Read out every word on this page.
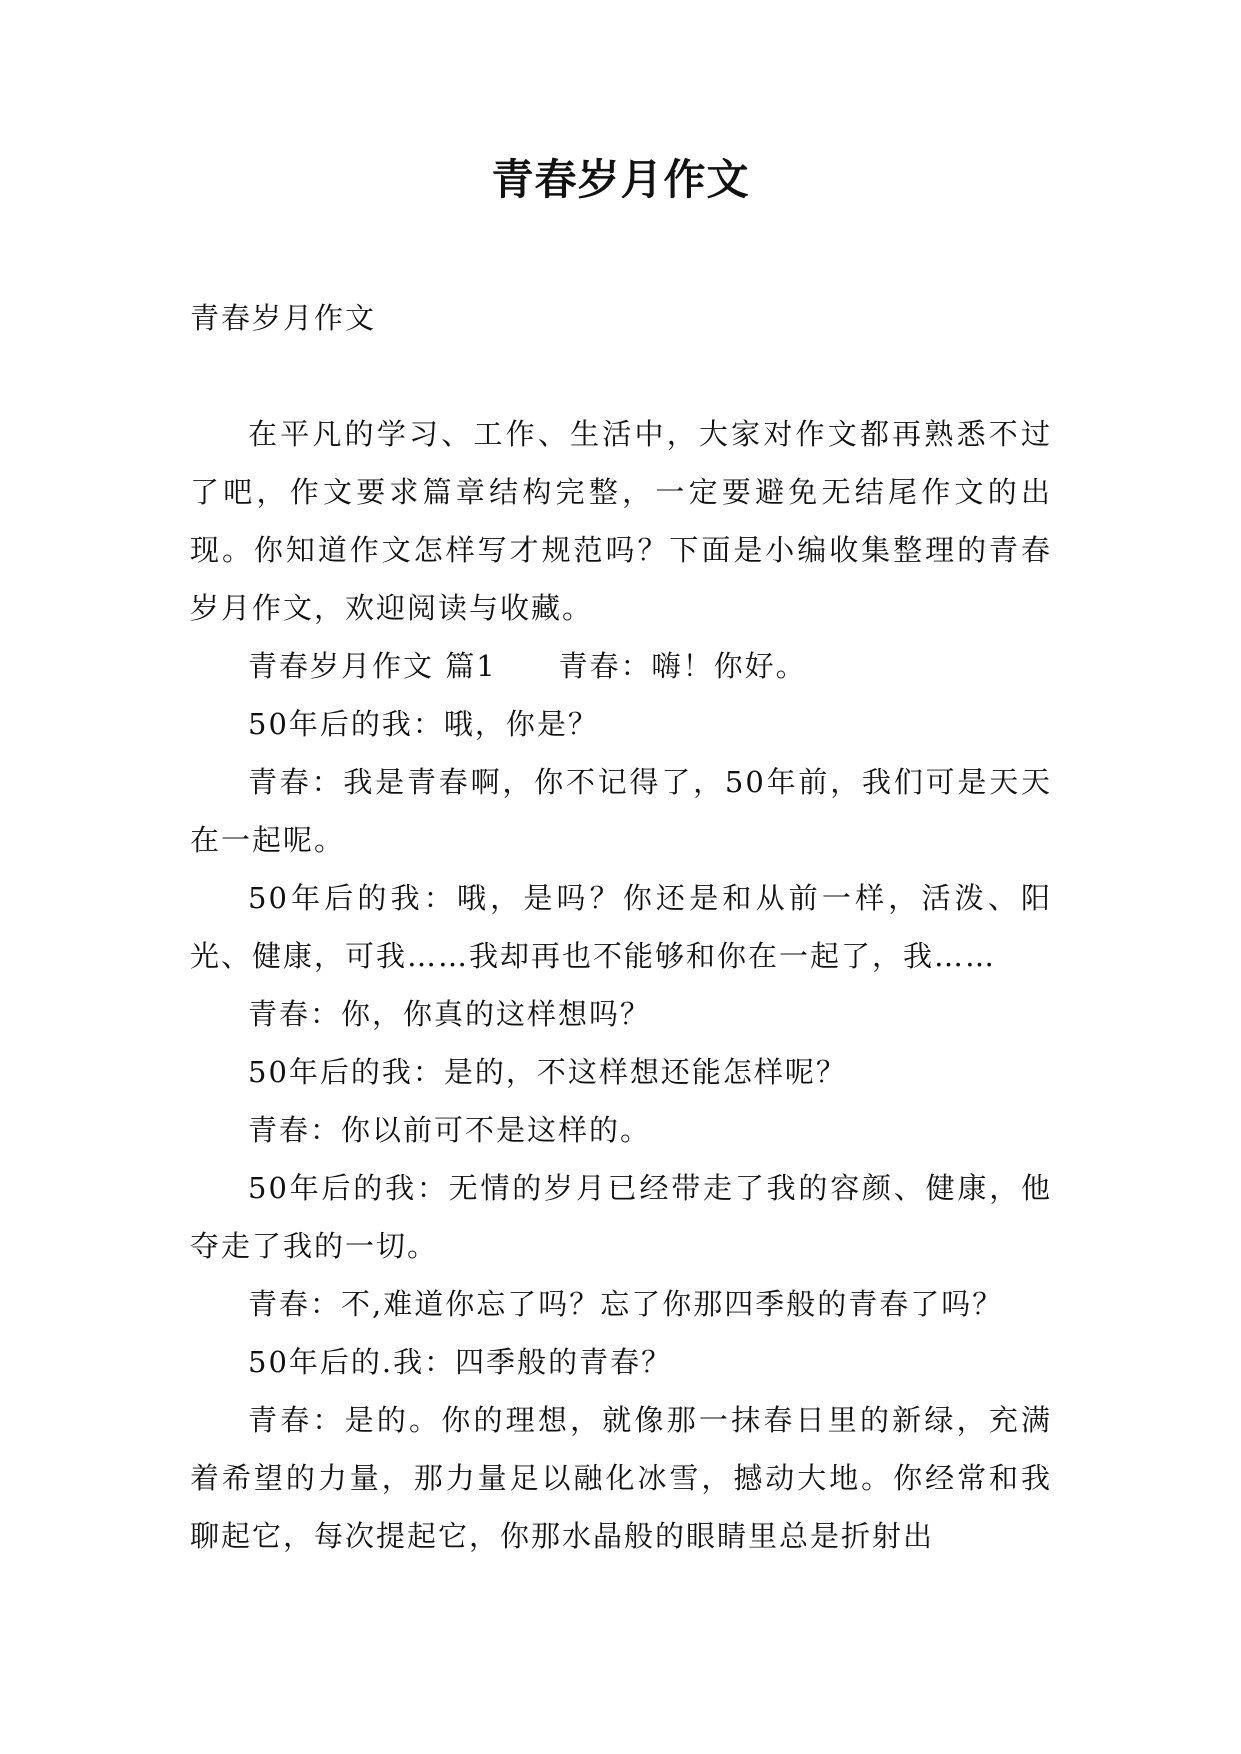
青春岁月作文

青春岁月作文

在平凡的学习、工作、生活中，大家对作文都再熟悉不过了吧，作文要求篇章结构完整，一定要避免无结尾作文的出现。你知道作文怎样写才规范吗？下面是小编收集整理的青春岁月作文，欢迎阅读与收藏。

青春岁月作文 篇1　　青春：嗨！你好。

50年后的我：哦，你是？

青春：我是青春啊，你不记得了，50年前，我们可是天天在一起呢。

50年后的我：哦，是吗？你还是和从前一样，活泼、阳光、健康，可我……我却再也不能够和你在一起了，我……

青春：你，你真的这样想吗？

50年后的我：是的，不这样想还能怎样呢？

青春：你以前可不是这样的。

50年后的我：无情的岁月已经带走了我的容颜、健康，他夺走了我的一切。

青春：不,难道你忘了吗？忘了你那四季般的青春了吗？

50年后的.我：四季般的青春？

青春：是的。你的理想，就像那一抹春日里的新绿，充满着希望的力量，那力量足以融化冰雪，撼动大地。你经常和我聊起它，每次提起它，你那水晶般的眼睛里总是折射出
